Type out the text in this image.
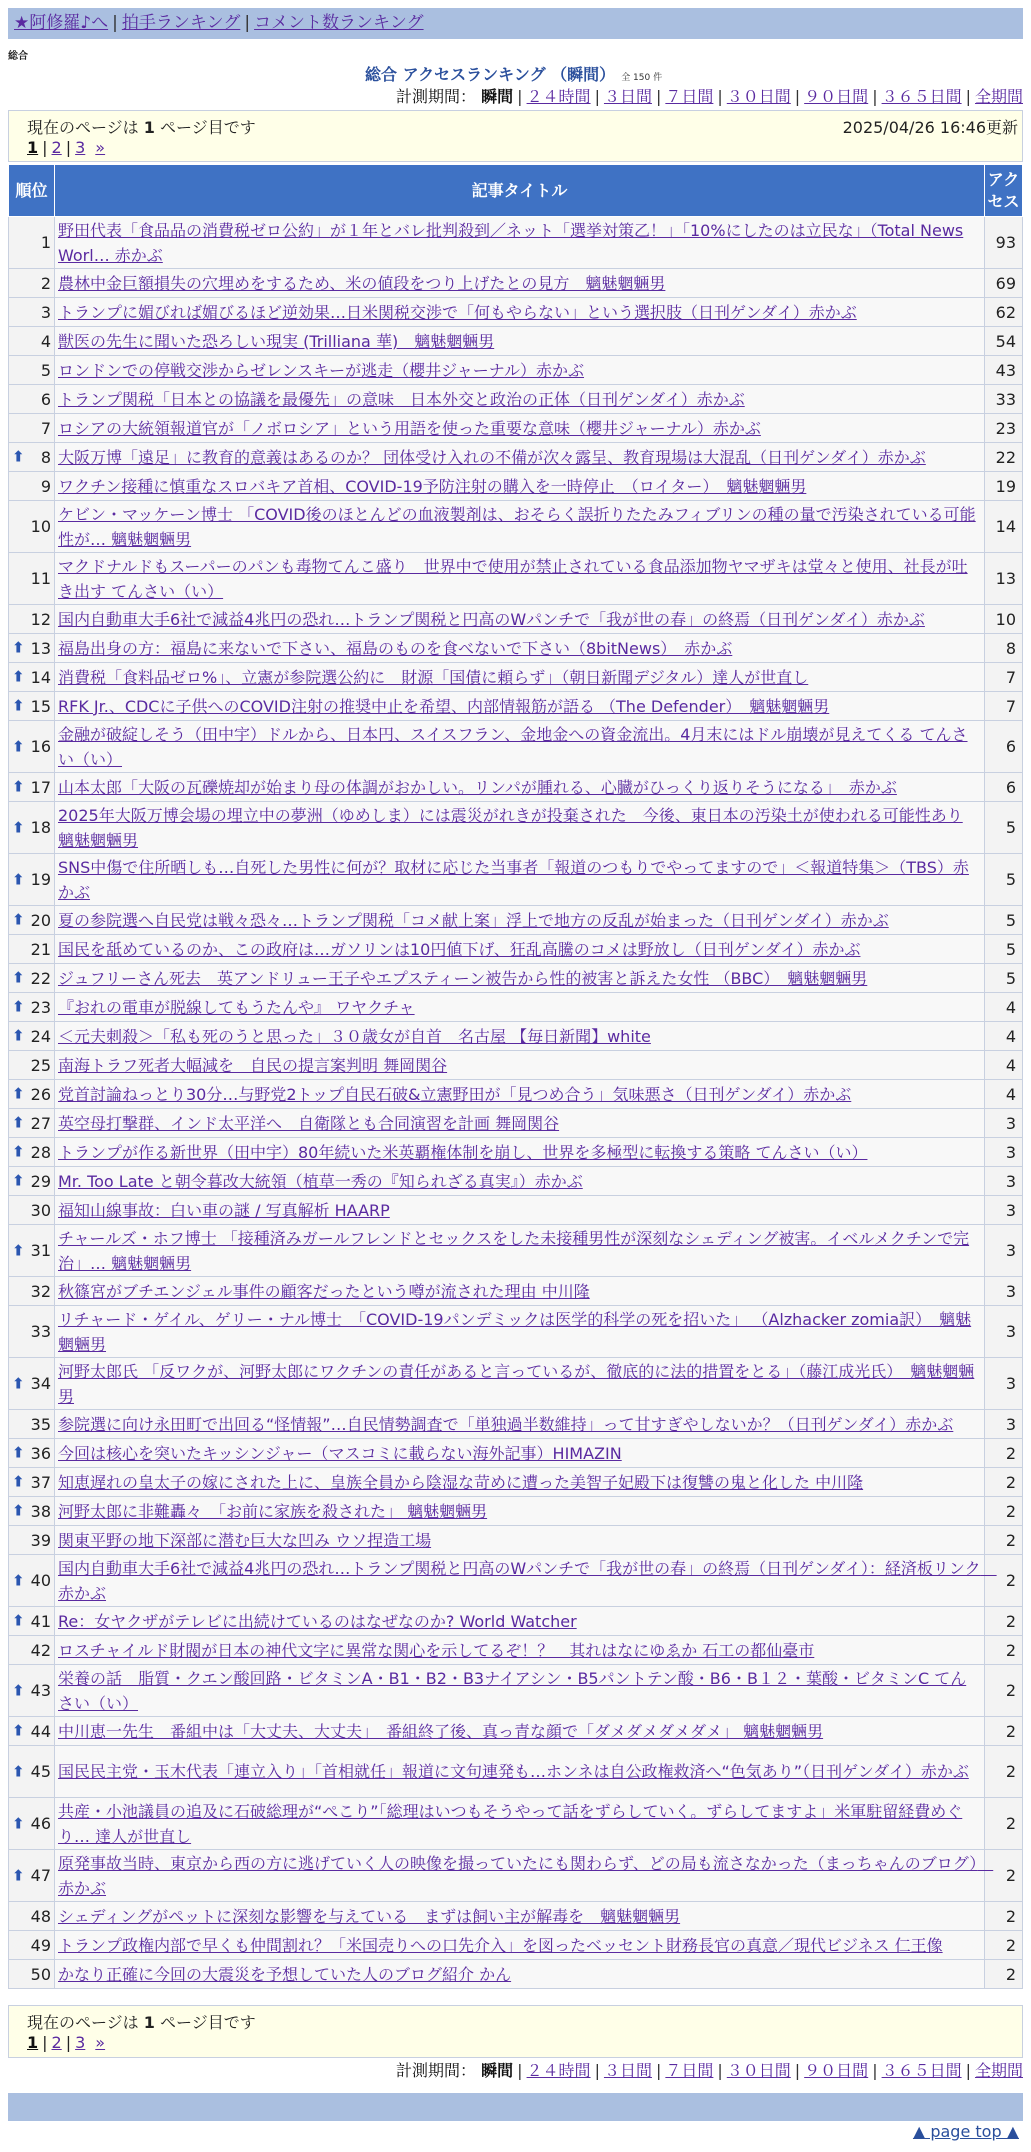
★阿修羅♪へ | 拍手ランキング | コメント数ランキング
総合
総合 アクセスランキング （瞬間） 全 150 件
計測期間： 瞬間 | ２４時間 | ３日間 | ７日間 | ３０日間 | ９０日間 | ３６５日間 | 全期間
現在のページは 1 ページ目です	2025/04/26 16:46更新
1 | 2 | 3 »
順位	記事タイトル	アクセス
1	野田代表「食品品の消費税ゼロ公約」が１年とバレ批判殺到／ネット「選挙対策乙！」「10%にしたのは立民な」（Total News Worl… 赤かぶ	93
2	農林中金巨額損失の穴埋めをするため、米の値段をつり上げたとの見方　魑魅魍魎男	69
3	トランプに媚びれば媚びるほど逆効果…日米関税交渉で「何もやらない」という選択肢（日刊ゲンダイ）赤かぶ	62
4	獣医の先生に聞いた恐ろしい現実 (Trilliana 華)　魑魅魍魎男	54
5	ロンドンでの停戦交渉からゼレンスキーが逃走（櫻井ジャーナル）赤かぶ	43
6	トランプ関税「日本との協議を最優先」の意味　日本外交と政治の正体（日刊ゲンダイ）赤かぶ	33
7	ロシアの大統領報道官が「ノボロシア」という用語を使った重要な意味（櫻井ジャーナル）赤かぶ	23

⬆ 8	大阪万博「遠足」に教育的意義はあるのか？ 団体受け入れの不備が次々露呈、教育現場は大混乱（日刊ゲンダイ）赤かぶ	22
9	ワクチン接種に慎重なスロバキア首相、COVID-19予防注射の購入を一時停止　（ロイター）　魑魅魍魎男	19
10	ケビン・マッケーン博士 「COVID後のほとんどの血液製剤は、おそらく誤折りたたみフィブリンの種の量で汚染されている可能性が… 魑魅魍魎男	14
11	マクドナルドもスーパーのパンも毒物てんこ盛り　世界中で使用が禁止されている食品添加物ヤマザキは堂々と使用、社長が吐き出す てんさい（い）	13
12	国内自動車大手6社で減益4兆円の恐れ…トランプ関税と円高のWパンチで「我が世の春」の終焉（日刊ゲンダイ）赤かぶ	10

⬆ 13	福島出身の方：福島に来ないで下さい、福島のものを食べないで下さい（8bitNews）　赤かぶ	8

⬆ 14	消費税「食料品ゼロ%」、立憲が参院選公約に　財源「国債に頼らず」（朝日新聞デジタル）達人が世直し	7

⬆ 15	RFK Jr.、CDCに子供へのCOVID注射の推奨中止を希望、内部情報筋が語る （The Defender）　魑魅魍魎男	7

⬆ 16	金融が破綻しそう（田中宇）ドルから、日本円、スイスフラン、金地金への資金流出。4月末にはドル崩壊が見えてくる てんさい（い）	6

⬆ 17	山本太郎「大阪の瓦礫焼却が始まり母の体調がおかしい。リンパが腫れる、心臓がひっくり返りそうになる」　赤かぶ	6

⬆ 18	2025年大阪万博会場の埋立中の夢洲（ゆめしま）には震災がれきが投棄された　今後、東日本の汚染土が使われる可能性あり 魑魅魍魎男	5

⬆ 19	SNS中傷で住所晒しも…自死した男性に何が？取材に応じた当事者「報道のつもりでやってますので」＜報道特集＞（TBS）赤かぶ	5

⬆ 20	夏の参院選へ自民党は戦々恐々…トランプ関税「コメ献上案」浮上で地方の反乱が始まった（日刊ゲンダイ）赤かぶ	5
21	国民を舐めているのか、この政府は…ガソリンは10円値下げ、狂乱高騰のコメは野放し（日刊ゲンダイ）赤かぶ	5

⬆ 22	ジュフリーさん死去　英アンドリュー王子やエプスティーン被告から性的被害と訴えた女性 （BBC）　魑魅魍魎男	5

⬆ 23	『おれの電車が脱線してもうたんや』 ワヤクチャ	4

⬆ 24	＜元夫刺殺＞「私も死のうと思った」３０歳女が自首　名古屋 【毎日新聞】white	4
25	南海トラフ死者大幅減を　自民の提言案判明 舞岡関谷	4

⬆ 26	党首討論ねっとり30分…与野党2トップ自民石破&立憲野田が「見つめ合う」気味悪さ（日刊ゲンダイ）赤かぶ	4

⬆ 27	英空母打撃群、インド太平洋へ　自衛隊とも合同演習を計画 舞岡関谷	3

⬆ 28	トランプが作る新世界（田中宇）80年続いた米英覇権体制を崩し、世界を多極型に転換する策略 てんさい（い）	3

⬆ 29	Mr. Too Late と朝令暮改大統領（植草一秀の『知られざる真実』）赤かぶ	3
30	福知山線事故：白い車の謎 / 写真解析 HAARP	3

⬆ 31	チャールズ・ホフ博士 「接種済みガールフレンドとセックスをした未接種男性が深刻なシェディング被害。イベルメクチンで完治」… 魑魅魍魎男	3
32	秋篠宮がブチエンジェル事件の顧客だったという噂が流された理由 中川隆	3
33	リチャード・ゲイル、ゲリー・ナル博士　「COVID-19パンデミックは医学的科学の死を招いた」 （Alzhacker zomia訳）　魑魅魍魎男	3

⬆ 34	河野太郎氏 「反ワクが、河野太郎にワクチンの責任があると言っているが、徹底的に法的措置をとる」（藤江成光氏）　魑魅魍魎男	3
35	参院選に向け永田町で出回る“怪情報”…自民情勢調査で「単独過半数維持」って甘すぎやしないか？（日刊ゲンダイ）赤かぶ	3

⬆ 36	今回は核心を突いたキッシンジャー（マスコミに載らない海外記事）HIMAZIN	2

⬆ 37	知恵遅れの皇太子の嫁にされた上に、皇族全員から陰湿な苛めに遭った美智子妃殿下は復讐の鬼と化した 中川隆	2

⬆ 38	河野太郎に非難轟々　「お前に家族を殺された」 魑魅魍魎男	2
39	関東平野の地下深部に潜む巨大な凹み ウソ捏造工場	2

⬆ 40	国内自動車大手6社で減益4兆円の恐れ…トランプ関税と円高のWパンチで「我が世の春」の終焉（日刊ゲンダイ）：経済板リンク　赤かぶ	2

⬆ 41	Re：女ヤクザがテレビに出続けているのはなぜなのか? World Watcher	2
42	ロスチャイルド財閥が日本の神代文字に異常な関心を示してるぞ！？　其れはなにゆゑか 石工の都仙臺市	2

⬆ 43	栄養の話　脂質・クエン酸回路・ビタミンA・B1・B2・B3ナイアシン・B5パントテン酸・B6・B１２・葉酸・ビタミンC てんさい（い）	2

⬆ 44	中川恵一先生　番組中は「大丈夫、大丈夫」　番組終了後、真っ青な顔で「ダメダメダメダメ」 魑魅魍魎男	2

⬆ 45	国民民主党・玉木代表「連立入り」「首相就任」報道に文句連発も…ホンネは自公政権救済へ“色気あり”（日刊ゲンダイ）赤かぶ	2

⬆ 46	共産・小池議員の追及に石破総理が“ぺこり”「総理はいつもそうやって話をずらしていく。ずらしてますよ」米軍駐留経費めぐり… 達人が世直し	2

⬆ 47	原発事故当時、東京から西の方に逃げていく人の映像を撮っていたにも関わらず、どの局も流さなかった（まっちゃんのブログ）　赤かぶ	2
48	シェディングがペットに深刻な影響を与えている　まずは飼い主が解毒を　魑魅魍魎男	2
49	トランプ政権内部で早くも仲間割れ？「米国売りへの口先介入」を図ったベッセント財務長官の真意／現代ビジネス 仁王像	2
50	かなり正確に今回の大震災を予想していた人のブログ紹介 かん	2
現在のページは 1 ページ目です
1 | 2 | 3 »
計測期間： 瞬間 | ２４時間 | ３日間 | ７日間 | ３０日間 | ９０日間 | ３６５日間 | 全期間
▲ page top ▲
